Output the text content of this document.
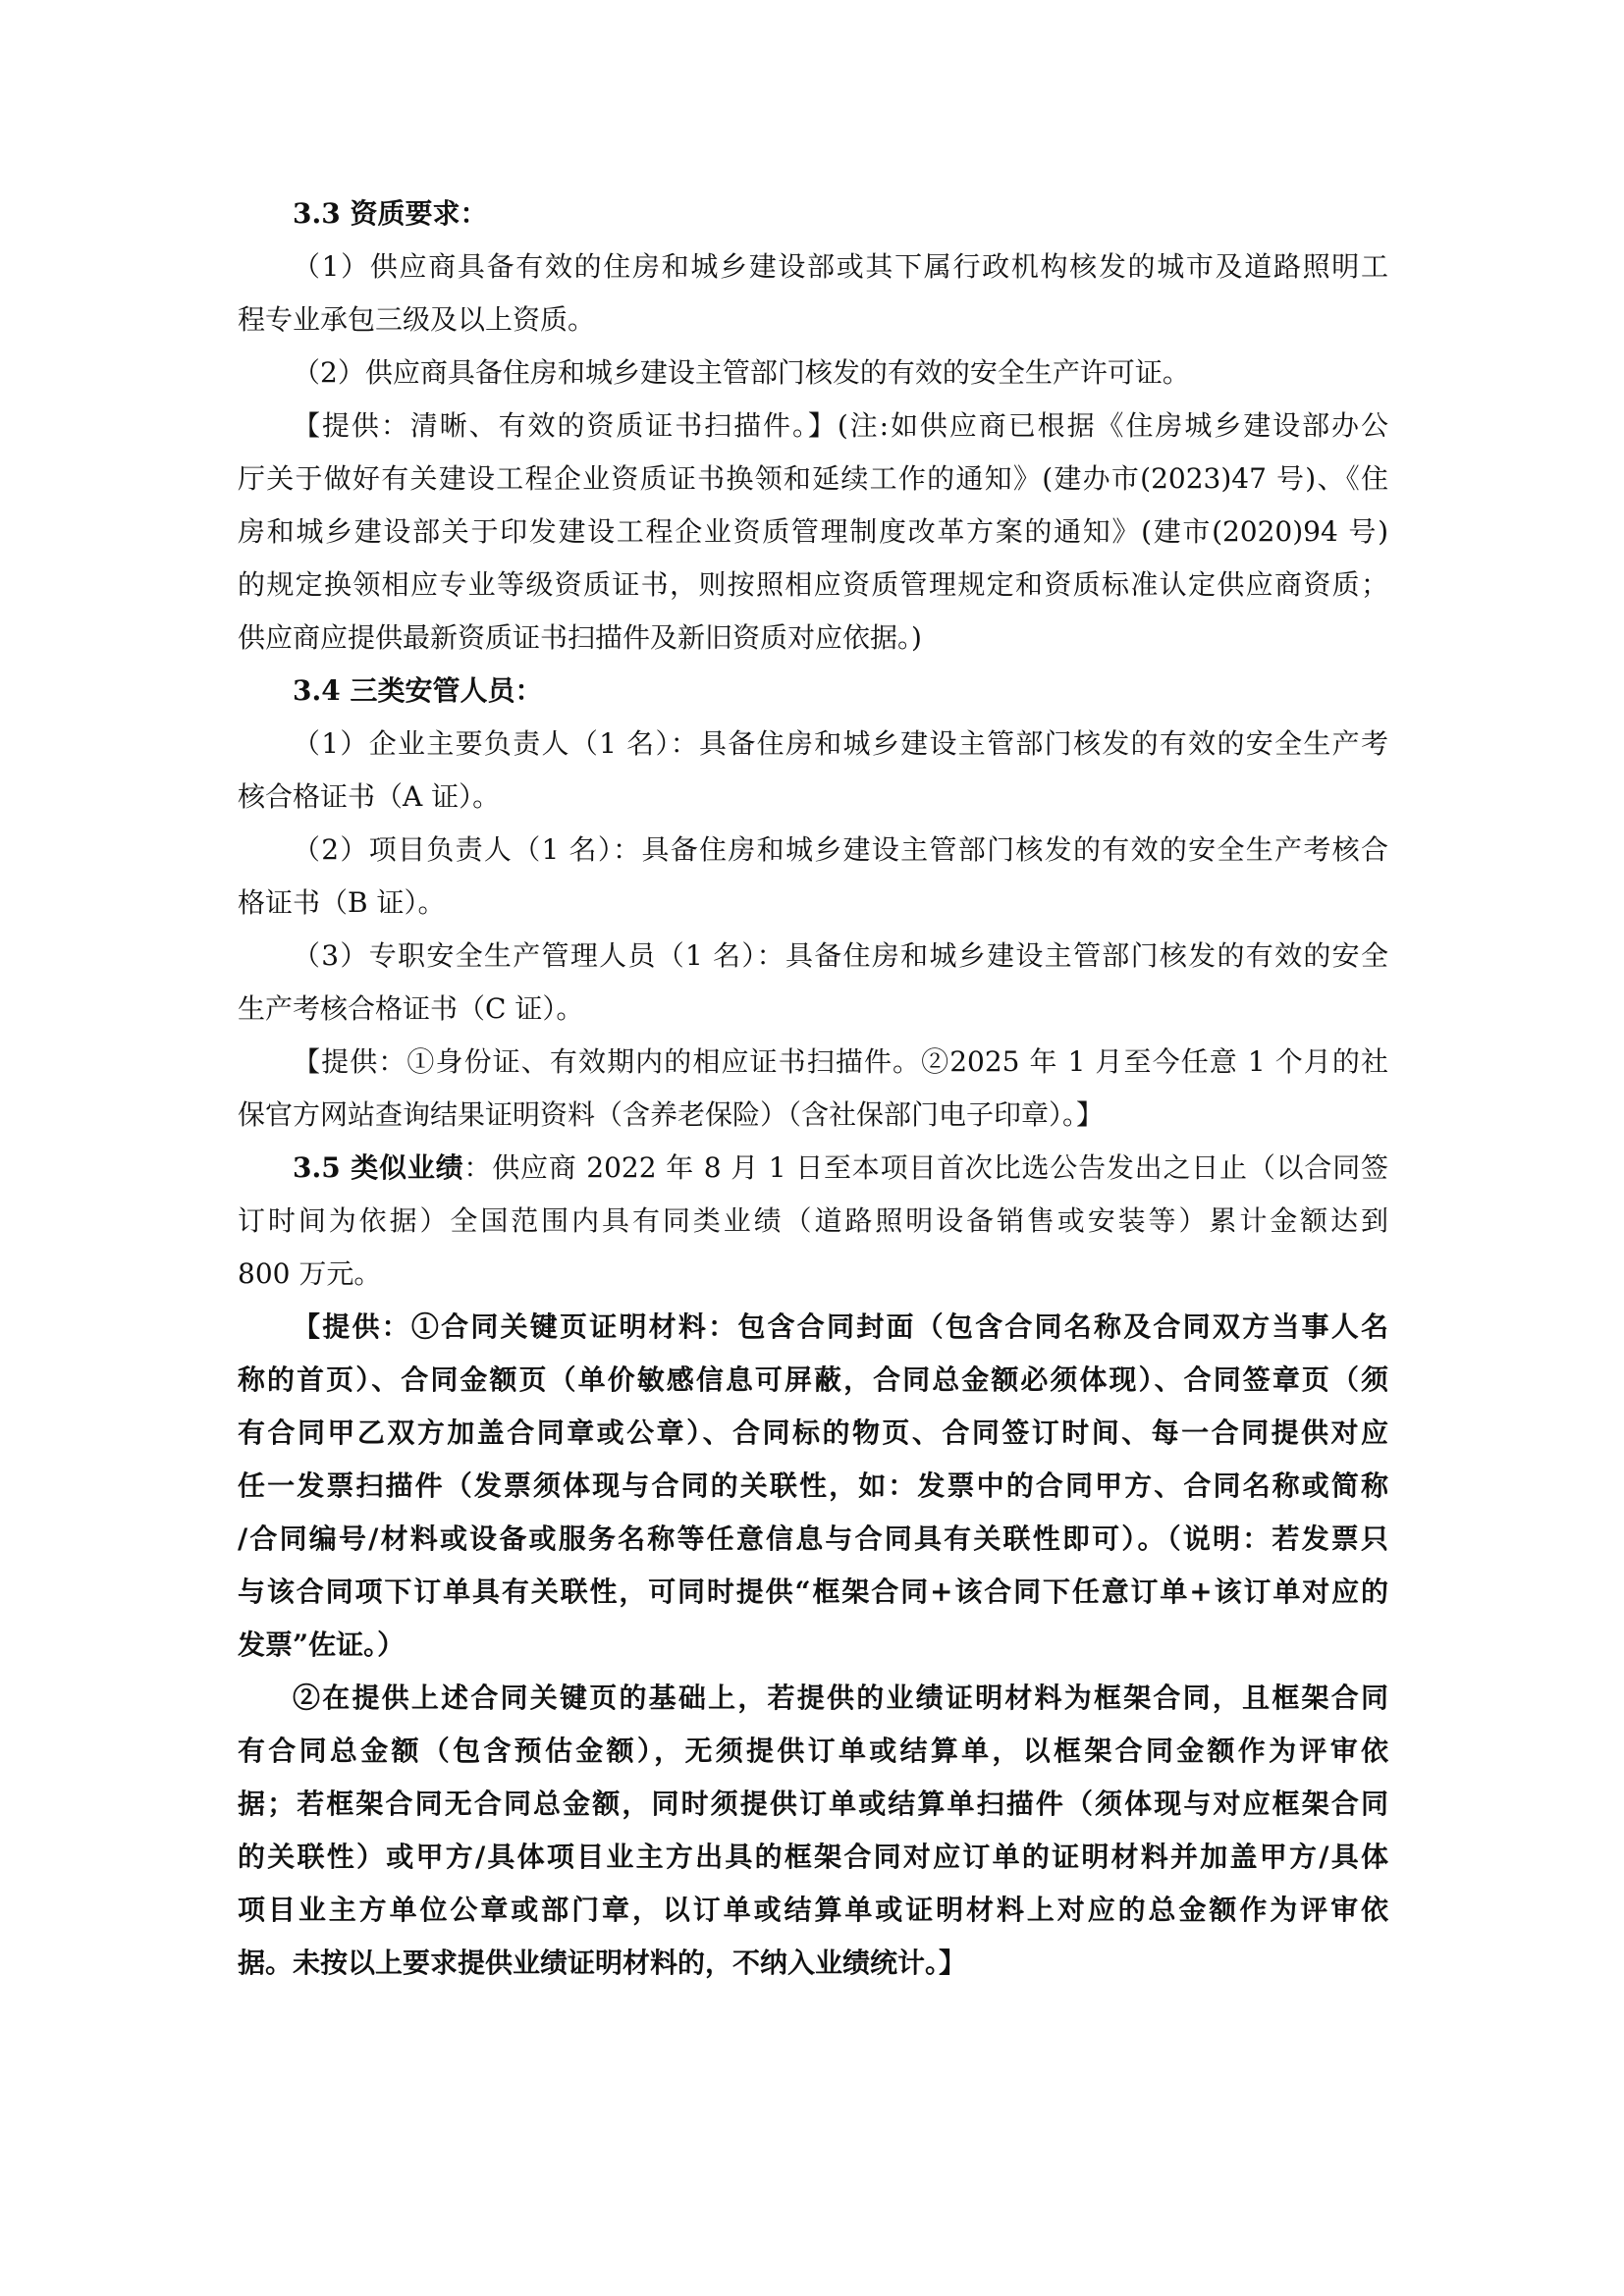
3.3 资质要求：
（1）供应商具备有效的住房和城乡建设部或其下属行政机构核发的城市及道路照明工
程专业承包三级及以上资质。
（2）供应商具备住房和城乡建设主管部门核发的有效的安全生产许可证。
【提供：清晰、有效的资质证书扫描件。】(注:如供应商已根据《住房城乡建设部办公
厅关于做好有关建设工程企业资质证书换领和延续工作的通知》(建办市(2023)47 号)、《住
房和城乡建设部关于印发建设工程企业资质管理制度改革方案的通知》(建市(2020)94 号)
的规定换领相应专业等级资质证书，则按照相应资质管理规定和资质标准认定供应商资质；
供应商应提供最新资质证书扫描件及新旧资质对应依据。)
3.4 三类安管人员：
（1）企业主要负责人（1 名）：具备住房和城乡建设主管部门核发的有效的安全生产考
核合格证书（A 证）。
（2）项目负责人（1 名）：具备住房和城乡建设主管部门核发的有效的安全生产考核合
格证书（B 证）。
（3）专职安全生产管理人员（1 名）：具备住房和城乡建设主管部门核发的有效的安全
生产考核合格证书（C 证）。
【提供：①身份证、有效期内的相应证书扫描件。②2025 年 1 月至今任意 1 个月的社
保官方网站查询结果证明资料（含养老保险）（含社保部门电子印章）。】
3.5 类似业绩：供应商 2022 年 8 月 1 日至本项目首次比选公告发出之日止（以合同签
订时间为依据）全国范围内具有同类业绩（道路照明设备销售或安装等）累计金额达到
800 万元。
【提供：①合同关键页证明材料：包含合同封面（包含合同名称及合同双方当事人名
称的首页）、合同金额页（单价敏感信息可屏蔽，合同总金额必须体现）、合同签章页（须
有合同甲乙双方加盖合同章或公章）、合同标的物页、合同签订时间、每一合同提供对应
任一发票扫描件（发票须体现与合同的关联性，如：发票中的合同甲方、合同名称或简称
/合同编号/材料或设备或服务名称等任意信息与合同具有关联性即可）。（说明：若发票只
与该合同项下订单具有关联性，可同时提供“框架合同+该合同下任意订单+该订单对应的
发票”佐证。）
②在提供上述合同关键页的基础上，若提供的业绩证明材料为框架合同，且框架合同
有合同总金额（包含预估金额），无须提供订单或结算单，以框架合同金额作为评审依
据；若框架合同无合同总金额，同时须提供订单或结算单扫描件（须体现与对应框架合同
的关联性）或甲方/具体项目业主方出具的框架合同对应订单的证明材料并加盖甲方/具体
项目业主方单位公章或部门章，以订单或结算单或证明材料上对应的总金额作为评审依
据。未按以上要求提供业绩证明材料的，不纳入业绩统计。】
